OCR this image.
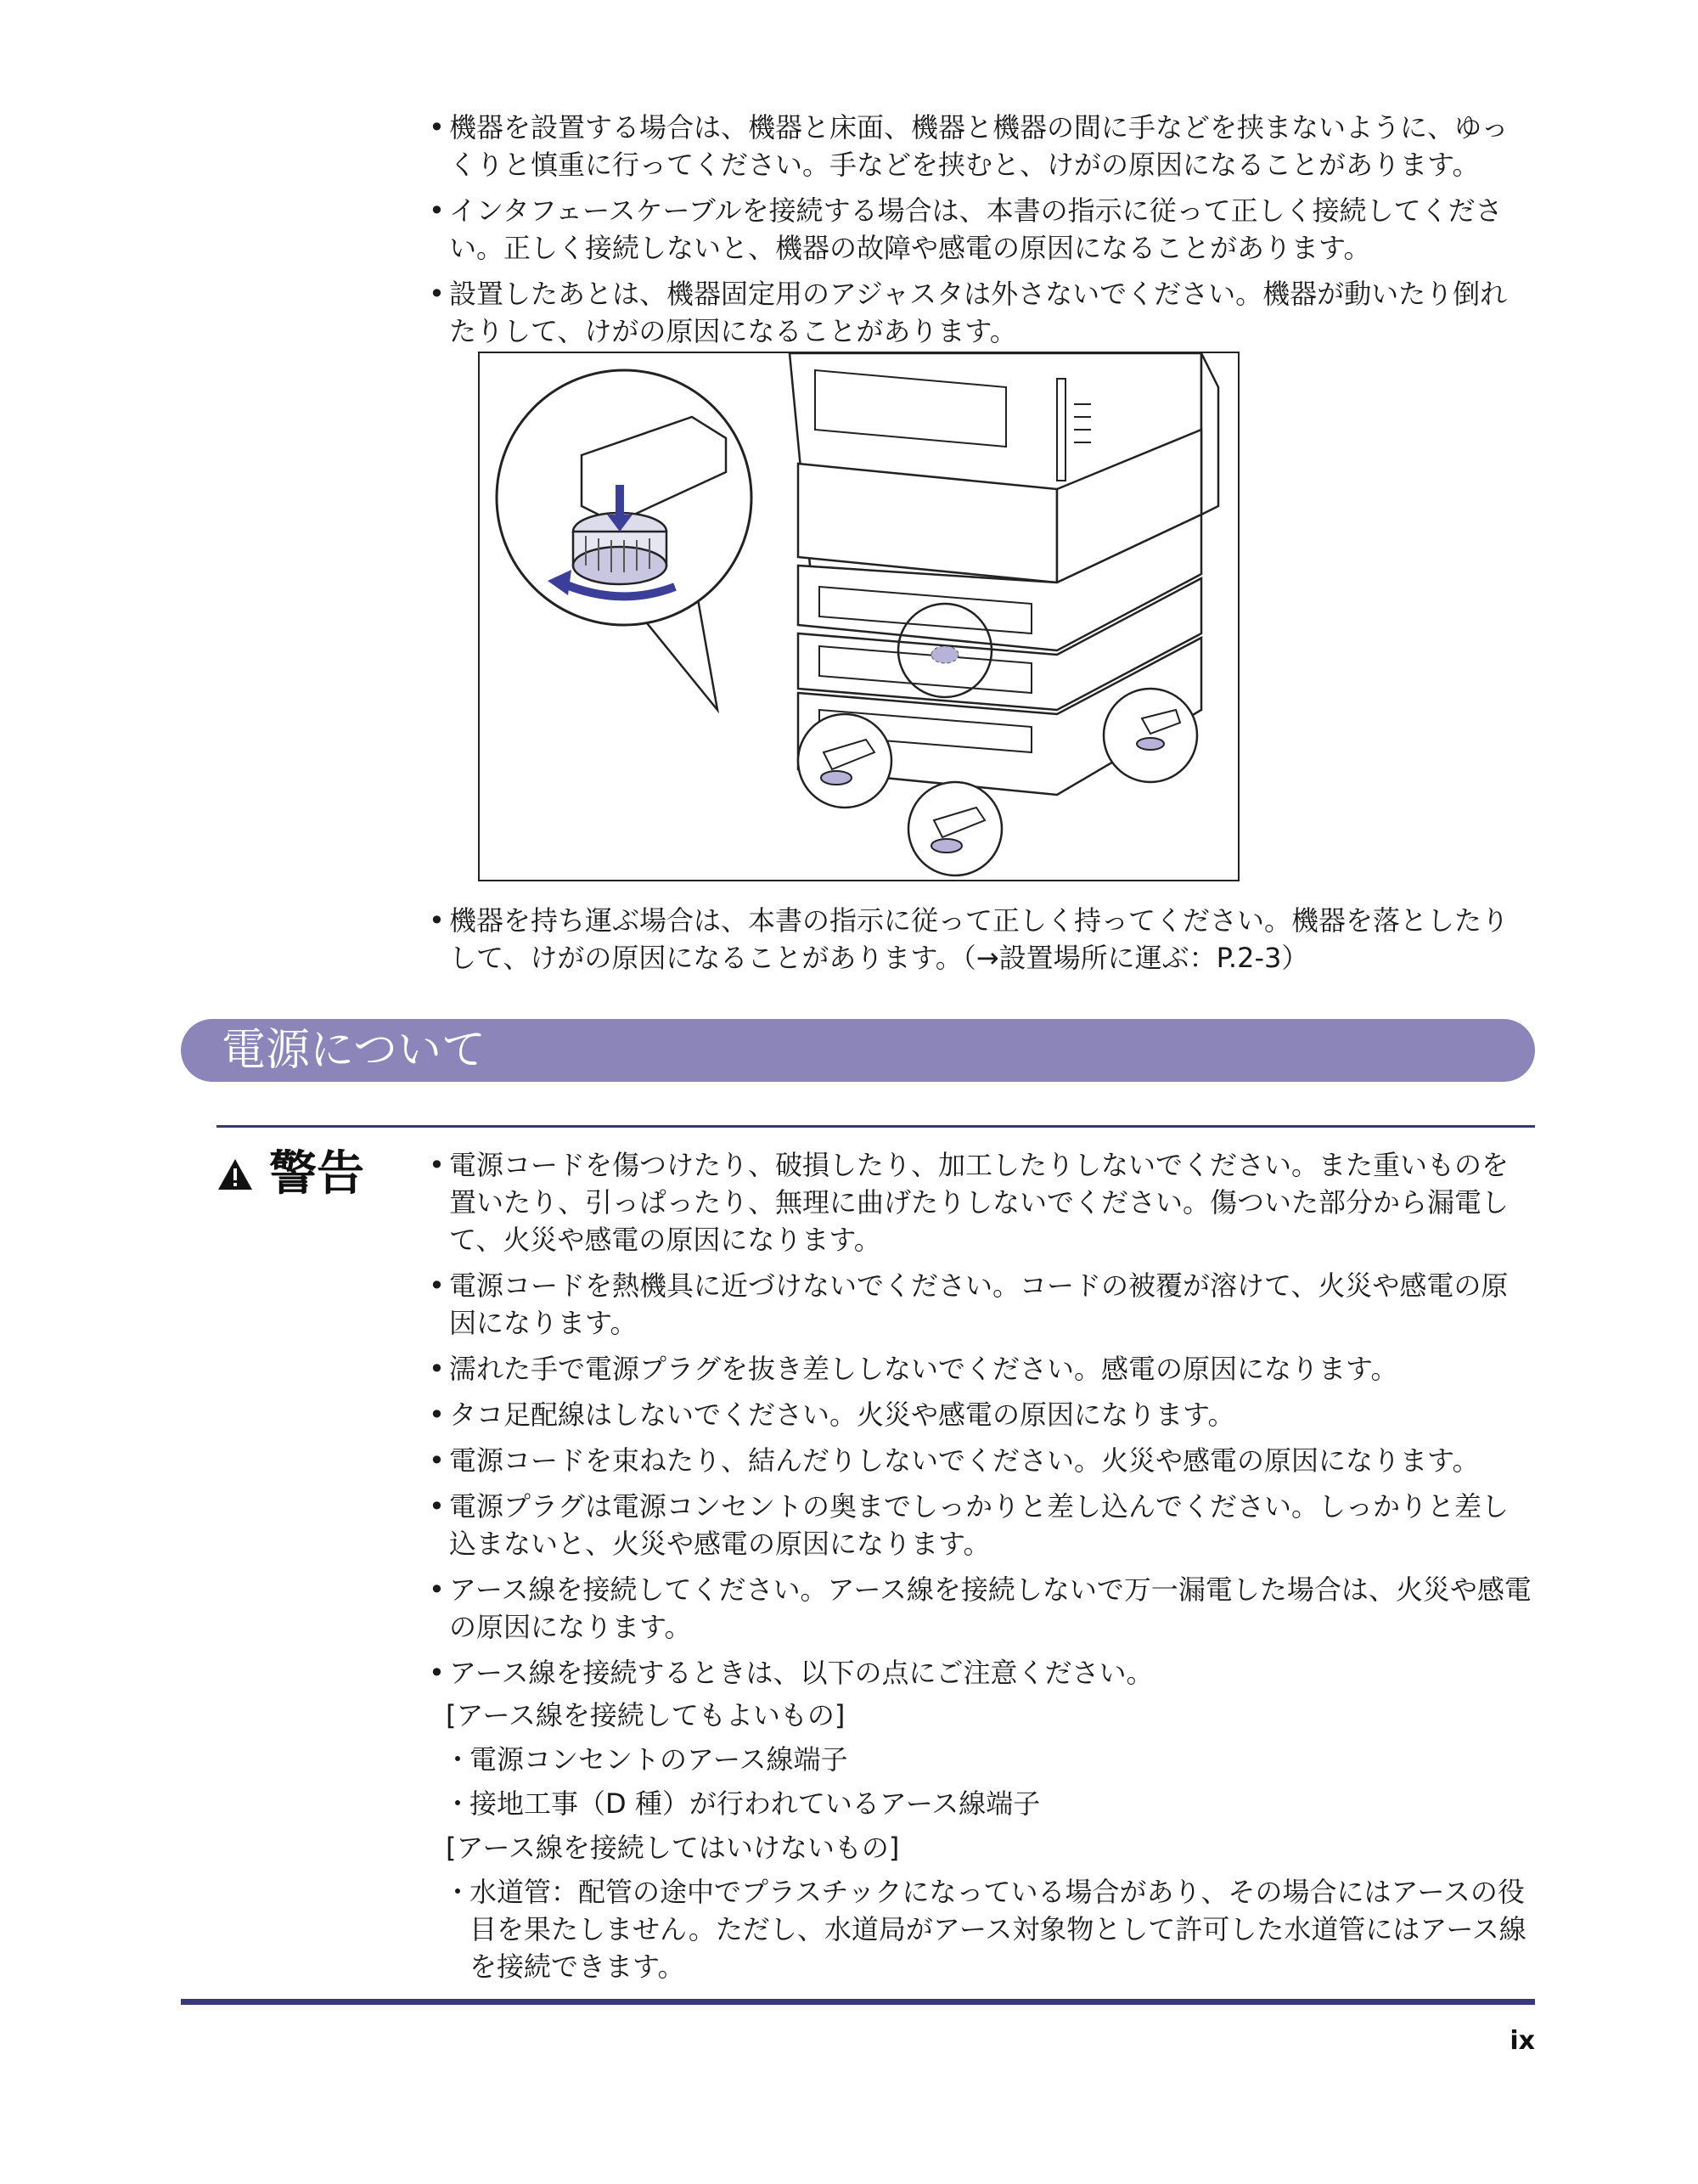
• 機器を設置する場合は、機器と床面、機器と機器の間に手などを挟まないように、ゆっくりと慎重に行ってください。手などを挟むと、けがの原因になることがあります。
• インタフェースケーブルを接続する場合は、本書の指示に従って正しく接続してください。正しく接続しないと、機器の故障や感電の原因になることがあります。
• 設置したあとは、機器固定用のアジャスタは外さないでください。機器が動いたり倒れたりして、けがの原因になることがあります。
• 機器を持ち運ぶ場合は、本書の指示に従って正しく持ってください。機器を落としたりして、けがの原因になることがあります。（→設置場所に運ぶ：P.2-3）
電源について
警告
•	電源コードを傷つけたり、破損したり、加工したりしないでください。また重いものを置いたり、引っぱったり、無理に曲げたりしないでください。傷ついた部分から漏電して、火災や感電の原因になります。
• 電源コードを熱機具に近づけないでください。コードの被覆が溶けて、火災や感電の原因になります。
• 濡れた手で電源プラグを抜き差ししないでください。感電の原因になります。
• タコ足配線はしないでください。火災や感電の原因になります。
• 電源コードを束ねたり、結んだりしないでください。火災や感電の原因になります。
• 電源プラグは電源コンセントの奥までしっかりと差し込んでください。しっかりと差し込まないと、火災や感電の原因になります。
• アース線を接続してください。アース線を接続しないで万一漏電した場合は、火災や感電の原因になります。
• アース線を接続するときは、以下の点にご注意ください。
[アース線を接続してもよいもの]
・ 電源コンセントのアース線端子
・ 接地工事（D 種）が行われているアース線端子
[アース線を接続してはいけないもの]
・ 水道管：配管の途中でプラスチックになっている場合があり、その場合にはアースの役目を果たしません。ただし、水道局がアース対象物として許可した水道管にはアース線を接続できます。
ix
